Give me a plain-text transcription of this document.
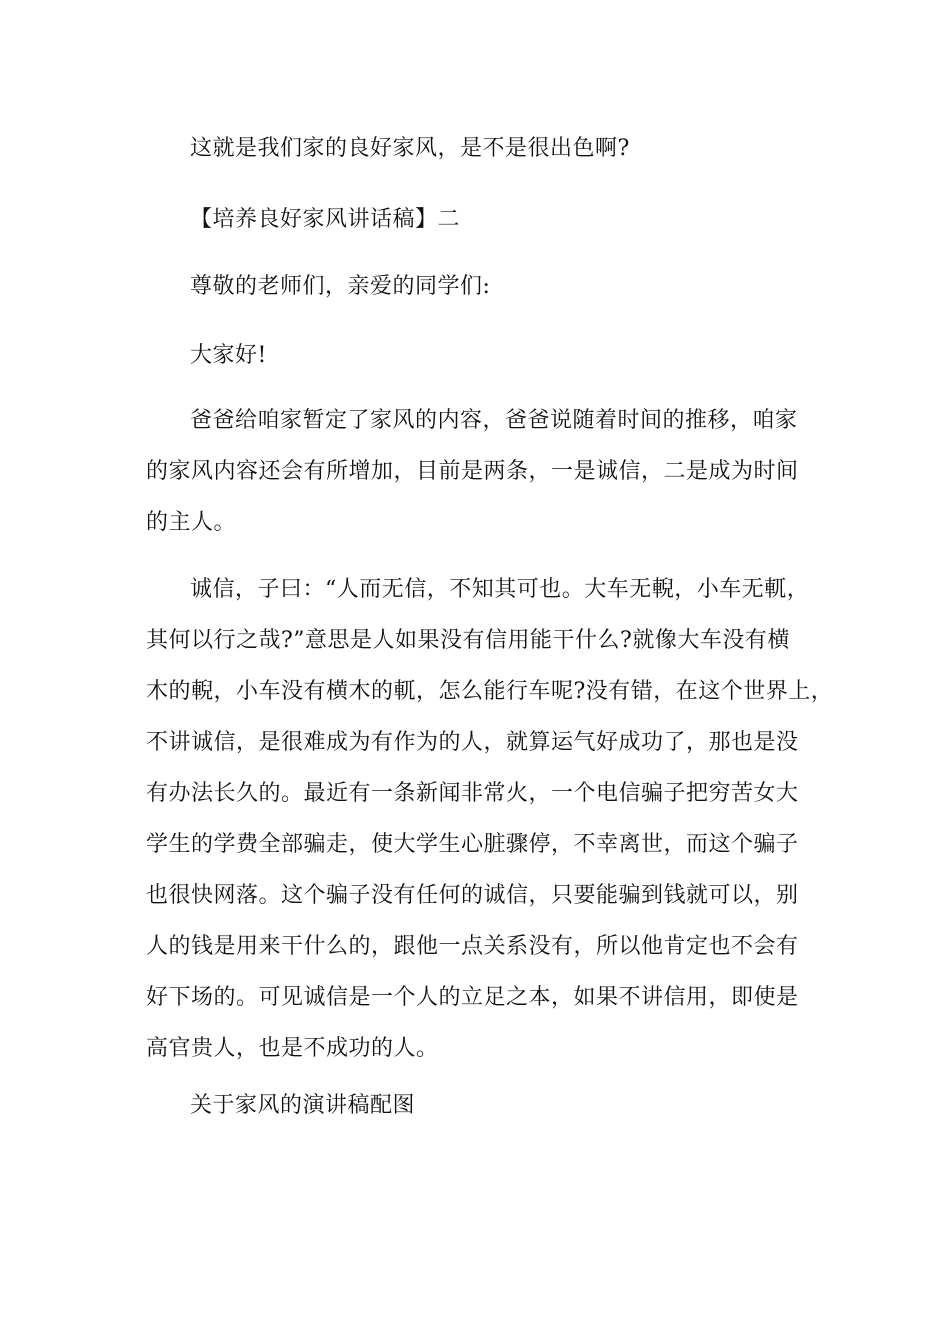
这就是我们家的良好家风，是不是很出色啊?
【培养良好家风讲话稿】二
尊敬的老师们，亲爱的同学们:
大家好!
爸爸给咱家暂定了家风的内容，爸爸说随着时间的推移，咱家
的家风内容还会有所增加，目前是两条，一是诚信，二是成为时间
的主人。
诚信，子曰：“人而无信，不知其可也。大车无輗，小车无軏，
其何以行之哉?”意思是人如果没有信用能干什么?就像大车没有横
木的輗，小车没有横木的軏，怎么能行车呢?没有错，在这个世界上，
不讲诚信，是很难成为有作为的人，就算运气好成功了，那也是没
有办法长久的。最近有一条新闻非常火，一个电信骗子把穷苦女大
学生的学费全部骗走，使大学生心脏骤停，不幸离世，而这个骗子
也很快网落。这个骗子没有任何的诚信，只要能骗到钱就可以，别
人的钱是用来干什么的，跟他一点关系没有，所以他肯定也不会有
好下场的。可见诚信是一个人的立足之本，如果不讲信用，即使是
高官贵人，也是不成功的人。
关于家风的演讲稿配图
